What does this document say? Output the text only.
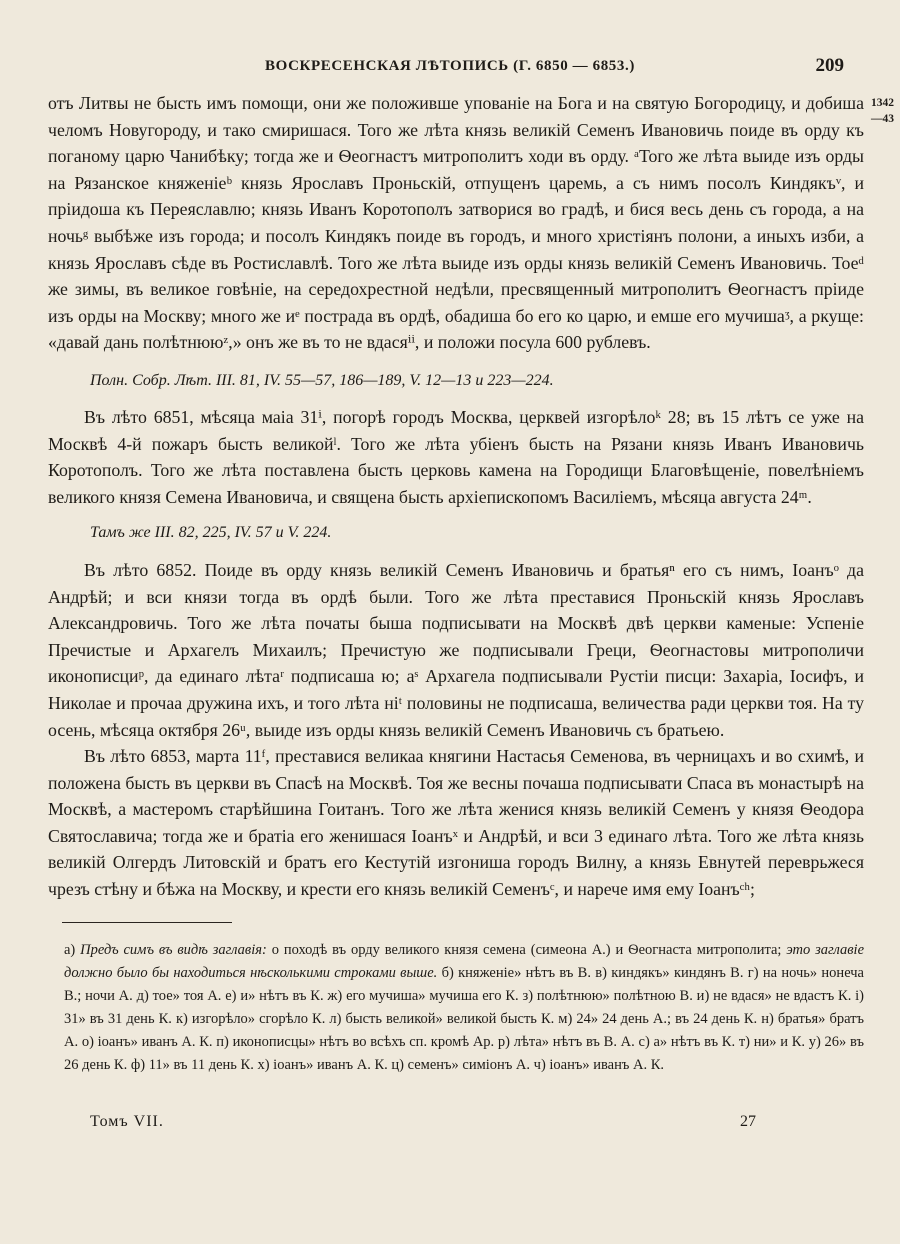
ВОСКРЕСЕНСКАЯ ЛѢТОПИСЬ (Г. 6850 — 6853.)	209
1342
—43

отъ Литвы не бысть имъ помощи, они же положивше упованіе на Бога и на святую Богородицу, и добиша челомъ Новугороду, и тако смиришася. Того же лѣта князь великій Семенъ Ивановичь поиде въ орду къ поганому царю Чанибѣку; тогда же и Ѳеогнастъ митрополитъ ходи въ орду. ᵃТого же лѣта выиде изъ орды на Рязанское княженіеᵇ князь Ярославъ Проньскій, отпущенъ царемь, а съ нимъ посолъ Киндякъᵛ, и пріидоша къ Переяславлю; князь Иванъ Коротополъ затворися во градѣ, и бися весь день съ города, а на ночьᵍ выбѣже изъ города; и посолъ Киндякъ поиде въ городъ, и много христіянъ полони, а иныхъ изби, а князь Ярославъ сѣде въ Ростиславлѣ. Того же лѣта выиде изъ орды князь великій Семенъ Ивановичь. Тоеᵈ же зимы, въ великое говѣніе, на середохрестной недѣли, пресвященный митрополитъ Ѳеогнастъ пріиде изъ орды на Москву; много же иᵉ пострада въ ордѣ, обадиша бо его ко царю, и емше его мучишаᶾ, а ркуще: «давай дань полѣтнююᶻ,» онъ же въ то не вдасяⁱⁱ, и положи посула 600 рублевъ.

Полн. Собр. Лѣт. III. 81, IV. 55—57, 186—189, V. 12—13 и 223—224.

Въ лѣто 6851, мѣсяца маіа 31ⁱ, погорѣ городъ Москва, церквей изгорѣлоᵏ 28; въ 15 лѣтъ се уже на Москвѣ 4-й пожаръ бысть великойˡ. Того же лѣта убіенъ бысть на Рязани князь Иванъ Ивановичь Коротополъ. Того же лѣта поставлена бысть церковь камена на Городищи Благовѣщеніе, повелѣніемъ великого князя Семена Ивановича, и священа бысть архіепископомъ Василіемъ, мѣсяца августа 24ᵐ.

Тамъ же III. 82, 225, IV. 57 и V. 224.

Въ лѣто 6852. Поиде въ орду князь великій Семенъ Ивановичь и братьяⁿ его съ нимъ, Іоанъᵒ да Андрѣй; и вси князи тогда въ ордѣ были. Того же лѣта преставися Проньскій князь Ярославъ Александровичь. Того же лѣта початы быша подписывати на Москвѣ двѣ церкви каменые: Успеніе Пречистые и Архагелъ Михаилъ; Пречистую же подписывали Греци, Ѳеогнастовы митрополичи иконописциᵖ, да единаго лѣтаʳ подписаша ю; аˢ Архагела подписывали Рустіи писци: Захаріа, Іосифъ, и Николае и прочаа дружина ихъ, и того лѣта нiᵗ половины не подписаша, величества ради церкви тоя. На ту осень, мѣсяца октября 26ᵘ, выиде изъ орды князь великій Семенъ Ивановичь съ братьею.

Въ лѣто 6853, марта 11ᶠ, преставися великаа княгини Настасья Семенова, въ черницахъ и во схимѣ, и положена бысть въ церкви въ Спасѣ на Москвѣ. Тоя же весны почаша подписывати Спаса въ монастырѣ на Москвѣ, а мастеромъ старѣйшина Гоитанъ. Того же лѣта женися князь великій Семенъ у князя Ѳеодора Святославича; тогда же и братіа его женишася Іоанъˣ и Андрѣй, и вси 3 единаго лѣта. Того же лѣта князь великій Олгердъ Литовскій и братъ его Кестутій изгониша городъ Вилну, а князь Евнутей переврьжеся чрезъ стѣну и бѣжа на Москву, и крести его князь великій Семенъᶜ, и нарече имя ему Іоанъᶜʰ;

а) Предъ симъ въ видѣ заглавія: о походѣ въ орду великого князя семена (симеона А.) и Ѳеогнаста митрополита; это заглавіе должно было бы находиться нѣсколькими строками выше. б) княженіе» нѣтъ въ В. в) киндякъ» киндянъ В. г) на ночь» нонеча В.; ночи А. д) тое» тоя А. е) и» нѣтъ въ К. ж) его мучиша» мучиша его К. з) полѣтнюю» полѣтною В. и) не вдася» не вдастъ К. і) 31» въ 31 день К. к) изгорѣло» сгорѣло К. л) бысть великой» великой бысть К. м) 24» 24 день А.; въ 24 день К. н) братья» братъ А. о) іоанъ» иванъ А. К. п) иконописцы» нѣтъ во всѣхъ сп. кромѣ Ар. р) лѣта» нѣтъ въ В. А. с) а» нѣтъ въ К. т) ни» и К. у) 26» въ 26 день К. ф) 11» въ 11 день К. х) іоанъ» иванъ А. К. ц) семенъ» симіонъ А. ч) іоанъ» иванъ А. К.
Томъ VII.	27
